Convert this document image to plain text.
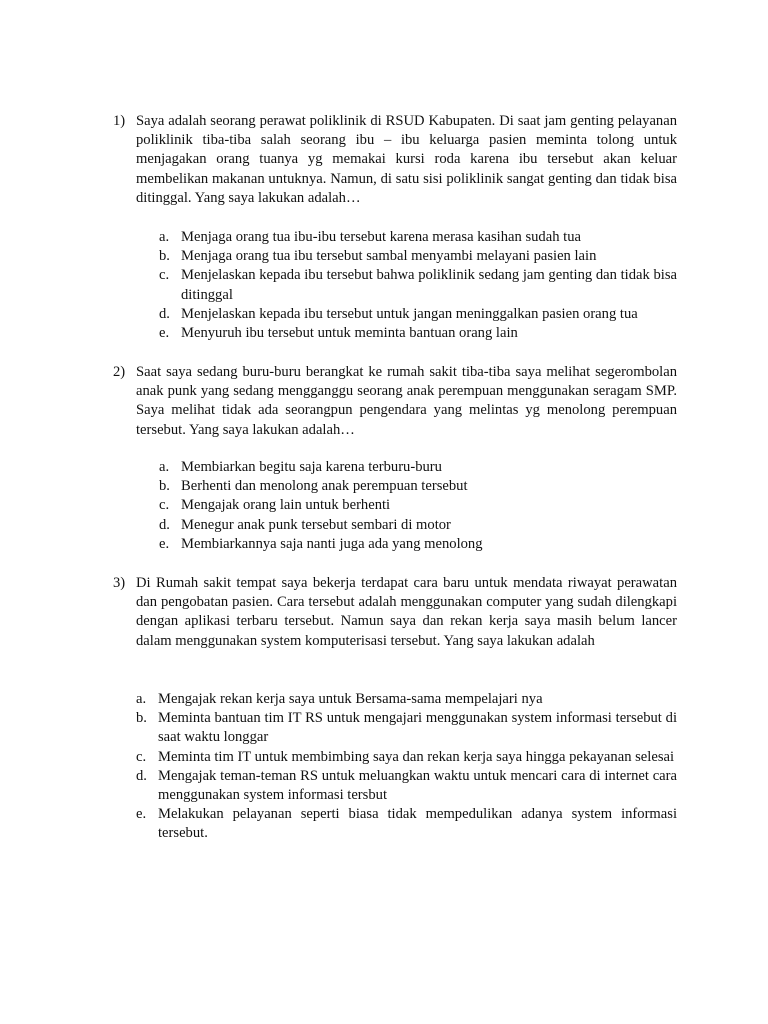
1) Saya adalah seorang perawat poliklinik di RSUD Kabupaten. Di saat jam genting pelayanan poliklinik tiba-tiba salah seorang ibu – ibu keluarga pasien meminta tolong untuk menjagakan orang tuanya yg memakai kursi roda karena ibu tersebut akan keluar membelikan makanan untuknya. Namun, di satu sisi poliklinik sangat genting dan tidak bisa ditinggal. Yang saya lakukan adalah…
a. Menjaga orang tua ibu-ibu tersebut karena merasa kasihan sudah tua
b. Menjaga orang tua ibu tersebut sambal menyambi melayani pasien lain
c. Menjelaskan kepada ibu tersebut bahwa poliklinik sedang jam genting dan tidak bisa ditinggal
d. Menjelaskan kepada ibu tersebut untuk jangan meninggalkan pasien orang tua
e. Menyuruh ibu tersebut untuk meminta bantuan orang lain
2) Saat saya sedang buru-buru berangkat ke rumah sakit tiba-tiba saya melihat segerombolan anak punk yang sedang mengganggu seorang anak perempuan menggunakan seragam SMP. Saya melihat tidak ada seorangpun pengendara yang melintas yg menolong perempuan tersebut. Yang saya lakukan adalah…
a. Membiarkan begitu saja karena terburu-buru
b. Berhenti dan menolong anak perempuan tersebut
c. Mengajak orang lain untuk berhenti
d. Menegur anak punk tersebut sembari di motor
e. Membiarkannya saja nanti juga ada yang menolong
3) Di Rumah sakit tempat saya bekerja terdapat cara baru untuk mendata riwayat perawatan dan pengobatan pasien. Cara tersebut adalah menggunakan computer yang sudah dilengkapi dengan aplikasi terbaru tersebut. Namun saya dan rekan kerja saya masih belum lancer dalam menggunakan system komputerisasi tersebut. Yang saya lakukan adalah
a. Mengajak rekan kerja saya untuk Bersama-sama mempelajari nya
b. Meminta bantuan tim IT RS untuk mengajari menggunakan system informasi tersebut di saat waktu longgar
c. Meminta tim IT untuk membimbing saya dan rekan kerja saya hingga pekayanan selesai
d. Mengajak teman-teman RS untuk meluangkan waktu untuk mencari cara di internet cara menggunakan system informasi tersbut
e. Melakukan pelayanan seperti biasa tidak mempedulikan adanya system informasi tersebut.
